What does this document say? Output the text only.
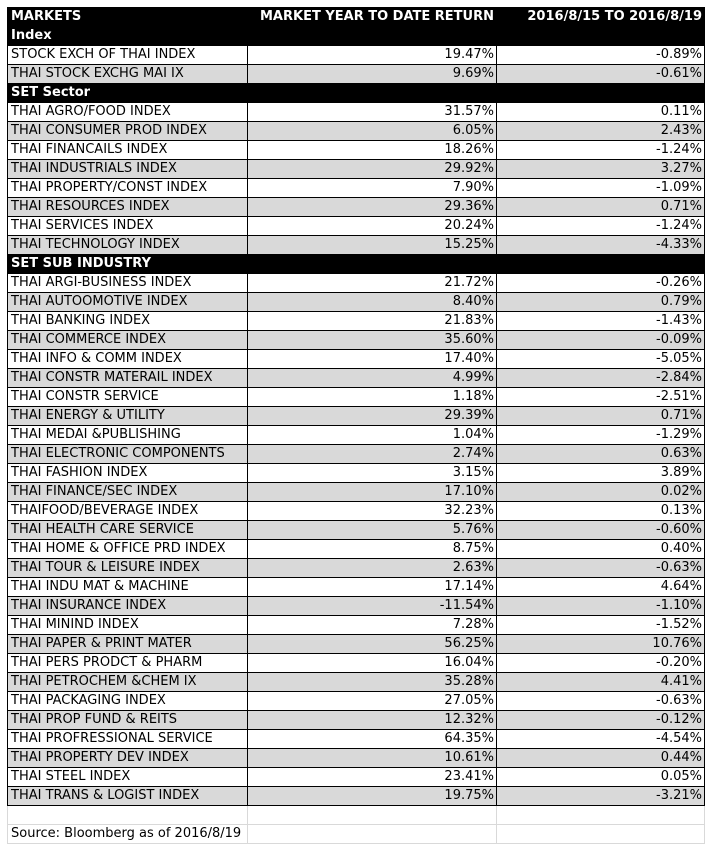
MARKETS	MARKET YEAR TO DATE RETURN	2016/8/15 TO 2016/8/19
Index		
STOCK EXCH OF THAI INDEX	19.47%	-0.89%
THAI STOCK EXCHG MAI IX	9.69%	-0.61%
SET Sector		
THAI AGRO/FOOD INDEX	31.57%	0.11%
THAI CONSUMER PROD INDEX	6.05%	2.43%
THAI FINANCAILS INDEX	18.26%	-1.24%
THAI INDUSTRIALS INDEX	29.92%	3.27%
THAI PROPERTY/CONST INDEX	7.90%	-1.09%
THAI RESOURCES INDEX	29.36%	0.71%
THAI SERVICES INDEX	20.24%	-1.24%
THAI TECHNOLOGY INDEX	15.25%	-4.33%
SET SUB INDUSTRY		
THAI ARGI-BUSINESS INDEX	21.72%	-0.26%
THAI AUTOOMOTIVE INDEX	8.40%	0.79%
THAI BANKING INDEX	21.83%	-1.43%
THAI COMMERCE INDEX	35.60%	-0.09%
THAI INFO & COMM INDEX	17.40%	-5.05%
THAI CONSTR MATERAIL INDEX	4.99%	-2.84%
THAI CONSTR SERVICE	1.18%	-2.51%
THAI ENERGY & UTILITY	29.39%	0.71%
THAI MEDAI &PUBLISHING	1.04%	-1.29%
THAI ELECTRONIC COMPONENTS	2.74%	0.63%
THAI FASHION INDEX	3.15%	3.89%
THAI FINANCE/SEC INDEX	17.10%	0.02%
THAIFOOD/BEVERAGE INDEX	32.23%	0.13%
THAI HEALTH CARE SERVICE	5.76%	-0.60%
THAI HOME & OFFICE PRD INDEX	8.75%	0.40%
THAI TOUR & LEISURE INDEX	2.63%	-0.63%
THAI INDU MAT & MACHINE	17.14%	4.64%
THAI INSURANCE INDEX	-11.54%	-1.10%
THAI MININD INDEX	7.28%	-1.52%
THAI PAPER & PRINT MATER	56.25%	10.76%
THAI PERS PRODCT & PHARM	16.04%	-0.20%
THAI PETROCHEM &CHEM IX	35.28%	4.41%
THAI PACKAGING INDEX	27.05%	-0.63%
THAI PROP FUND & REITS	12.32%	-0.12%
THAI PROFRESSIONAL SERVICE	64.35%	-4.54%
THAI PROPERTY DEV INDEX	10.61%	0.44%
THAI STEEL INDEX	23.41%	0.05%
THAI TRANS & LOGIST INDEX	19.75%	-3.21%

Source: Bloomberg as of 2016/8/19		
